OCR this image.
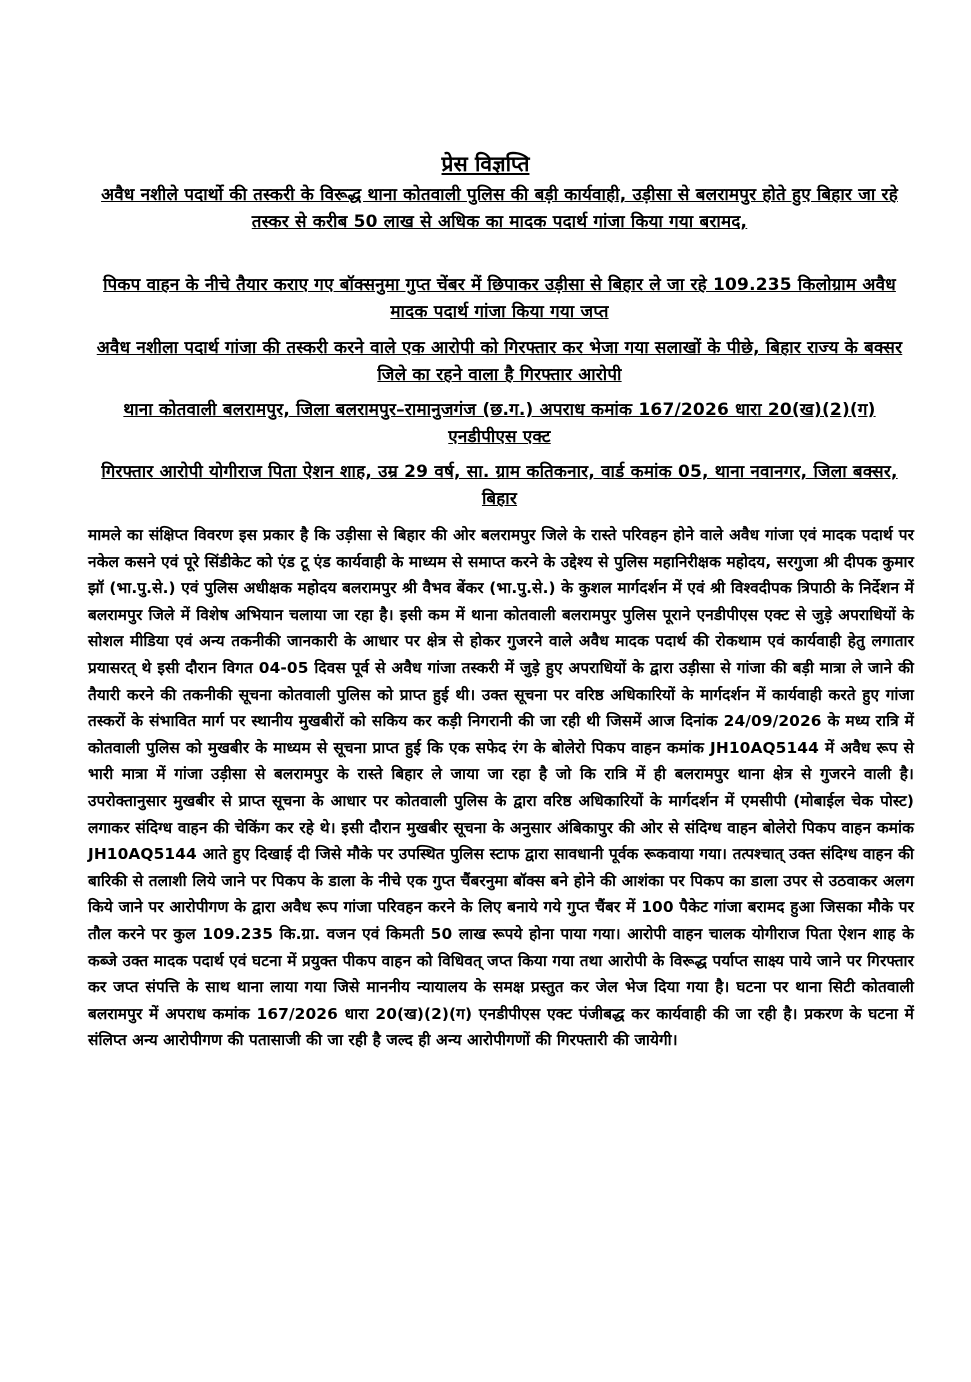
प्रेस विज्ञप्ति
अवैध नशीले पदार्थो की तस्करी के विरूद्ध थाना कोतवाली पुलिस की बड़ी कार्यवाही, उड़ीसा से बलरामपुर होते हुए बिहार जा रहे तस्कर से करीब 50 लाख से अधिक का मादक पदार्थ गांजा किया गया बरामद,
पिकप वाहन के नीचे तैयार कराए गए बॉक्सनुमा गुप्त चेंबर में छिपाकर उड़ीसा से बिहार ले जा रहे 109.235 किलोग्राम अवैध मादक पदार्थ गांजा किया गया जप्त
अवैध नशीला पदार्थ गांजा की तस्करी करने वाले एक आरोपी को गिरफ्तार कर भेजा गया सलाखों के पीछे, बिहार राज्य के बक्सर जिले का रहने वाला है गिरफ्तार आरोपी
थाना कोतवाली बलरामपुर, जिला बलरामपुर–रामानुजगंज (छ.ग.) अपराध कमांक 167/2026 धारा 20(ख)(2)(ग) एनडीपीएस एक्ट
गिरफ्तार आरोपी योगीराज पिता ऐशन शाह, उम्र 29 वर्ष, सा. ग्राम कतिकनार, वार्ड कमांक 05, थाना नवानगर, जिला बक्सर, बिहार
मामले का संक्षिप्त विवरण इस प्रकार है कि उड़ीसा से बिहार की ओर बलरामपुर जिले के रास्ते परिवहन होने वाले अवैध गांजा एवं मादक पदार्थ पर नकेल कसने एवं पूरे सिंडीकेट को एंड टू एंड कार्यवाही के माध्यम से समाप्त करने के उद्देश्य से पुलिस महानिरीक्षक महोदय, सरगुजा श्री दीपक कुमार झॉ (भा.पु.से.) एवं पुलिस अधीक्षक महोदय बलरामपुर श्री वैभव बेंकर (भा.पु.से.) के कुशल मार्गदर्शन में एवं श्री विश्वदीपक त्रिपाठी के निर्देशन में बलरामपुर जिले में विशेष अभियान चलाया जा रहा है। इसी कम में थाना कोतवाली बलरामपुर पुलिस पूराने एनडीपीएस एक्ट से जुड़े अपराधियों के सोशल मीडिया एवं अन्य तकनीकी जानकारी के आधार पर क्षेत्र से होकर गुजरने वाले अवैध मादक पदार्थ की रोकथाम एवं कार्यवाही हेतु लगातार प्रयासरत् थे इसी दौरान विगत 04-05 दिवस पूर्व से अवैध गांजा तस्करी में जुड़े हुए अपराधियों के द्वारा उड़ीसा से गांजा की बड़ी मात्रा ले जाने की तैयारी करने की तकनीकी सूचना कोतवाली पुलिस को प्राप्त हुई थी। उक्त सूचना पर वरिष्ठ अधिकारियों के मार्गदर्शन में कार्यवाही करते हुए गांजा तस्करों के संभावित मार्ग पर स्थानीय मुखबीरों को सकिय कर कड़ी निगरानी की जा रही थी जिसमें आज दिनांक 24/09/2026 के मध्य रात्रि में कोतवाली पुलिस को मुखबीर के माध्यम से सूचना प्राप्त हुई कि एक सफेद रंग के बोलेरो पिकप वाहन कमांक JH10AQ5144 में अवैध रूप से भारी मात्रा में गांजा उड़ीसा से बलरामपुर के रास्ते बिहार ले जाया जा रहा है जो कि रात्रि में ही बलरामपुर थाना क्षेत्र से गुजरने वाली है। उपरोक्तानुसार मुखबीर से प्राप्त सूचना के आधार पर कोतवाली पुलिस के द्वारा वरिष्ठ अधिकारियों के मार्गदर्शन में एमसीपी (मोबाईल चेक पोस्ट) लगाकर संदिग्ध वाहन की चेकिंग कर रहे थे। इसी दौरान मुखबीर सूचना के अनुसार अंबिकापुर की ओर से संदिग्ध वाहन बोलेरो पिकप वाहन कमांक JH10AQ5144 आते हुए दिखाई दी जिसे मौके पर उपस्थित पुलिस स्टाफ द्वारा सावधानी पूर्वक रूकवाया गया। तत्पश्चात् उक्त संदिग्ध वाहन की बारिकी से तलाशी लिये जाने पर पिकप के डाला के नीचे एक गुप्त चैंबरनुमा बॉक्स बने होने की आशंका पर पिकप का डाला उपर से उठवाकर अलग किये जाने पर आरोपीगण के द्वारा अवैध रूप गांजा परिवहन करने के लिए बनाये गये गुप्त चैंबर में 100 पैकेट गांजा बरामद हुआ जिसका मौके पर तौल करने पर कुल 109.235 कि.ग्रा. वजन एवं किमती 50 लाख रूपये होना पाया गया। आरोपी वाहन चालक योगीराज पिता ऐशन शाह के कब्जे उक्त मादक पदार्थ एवं घटना में प्रयुक्त पीकप वाहन को विधिवत् जप्त किया गया तथा आरोपी के विरूद्ध पर्याप्त साक्ष्य पाये जाने पर गिरफ्तार कर जप्त संपत्ति के साथ थाना लाया गया जिसे माननीय न्यायालय के समक्ष प्रस्तुत कर जेल भेज दिया गया है। घटना पर थाना सिटी कोतवाली बलरामपुर में अपराध कमांक 167/2026 धारा 20(ख)(2)(ग) एनडीपीएस एक्ट पंजीबद्ध कर कार्यवाही की जा रही है। प्रकरण के घटना में संलिप्त अन्य आरोपीगण की पतासाजी की जा रही है जल्द ही अन्य आरोपीगणों की गिरफ्तारी की जायेगी।
